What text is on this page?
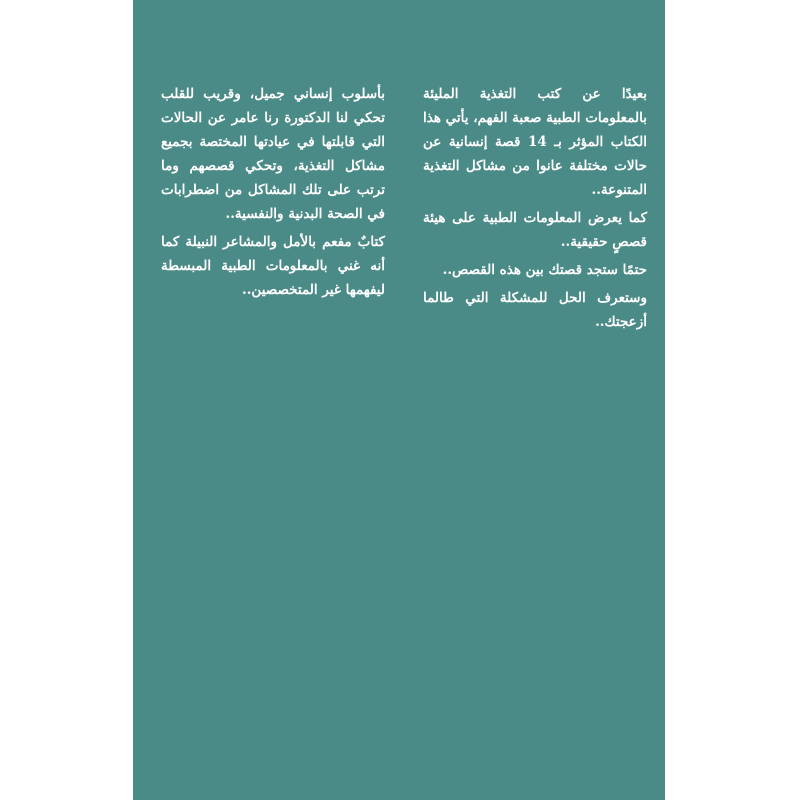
بعيدًا عن كتب التغذية المليئة بالمعلومات الطبية صعبة الفهم، يأتي هذا الكتاب المؤثر بـ 14 قصة إنسانية عن حالات مختلفة عانوا من مشاكل التغذية المتنوعة..

كما يعرض المعلومات الطبية على هيئة قصصٍ حقيقية..

حتمًا ستجد قصتك بين هذه القصص..

وستعرف الحل للمشكلة التي طالما أزعجتك..

بأسلوب إنساني جميل، وقريب للقلب تحكي لنا الدكتورة رنا عامر عن الحالات التي قابلتها في عيادتها المختصة بجميع مشاكل التغذية، وتحكي قصصهم وما ترتب على تلك المشاكل من اضطرابات في الصحة البدنية والنفسية..

كتابٌ مفعم بالأمل والمشاعر النبيلة كما أنه غني بالمعلومات الطبية المبسطة ليفهمها غير المتخصصين..
